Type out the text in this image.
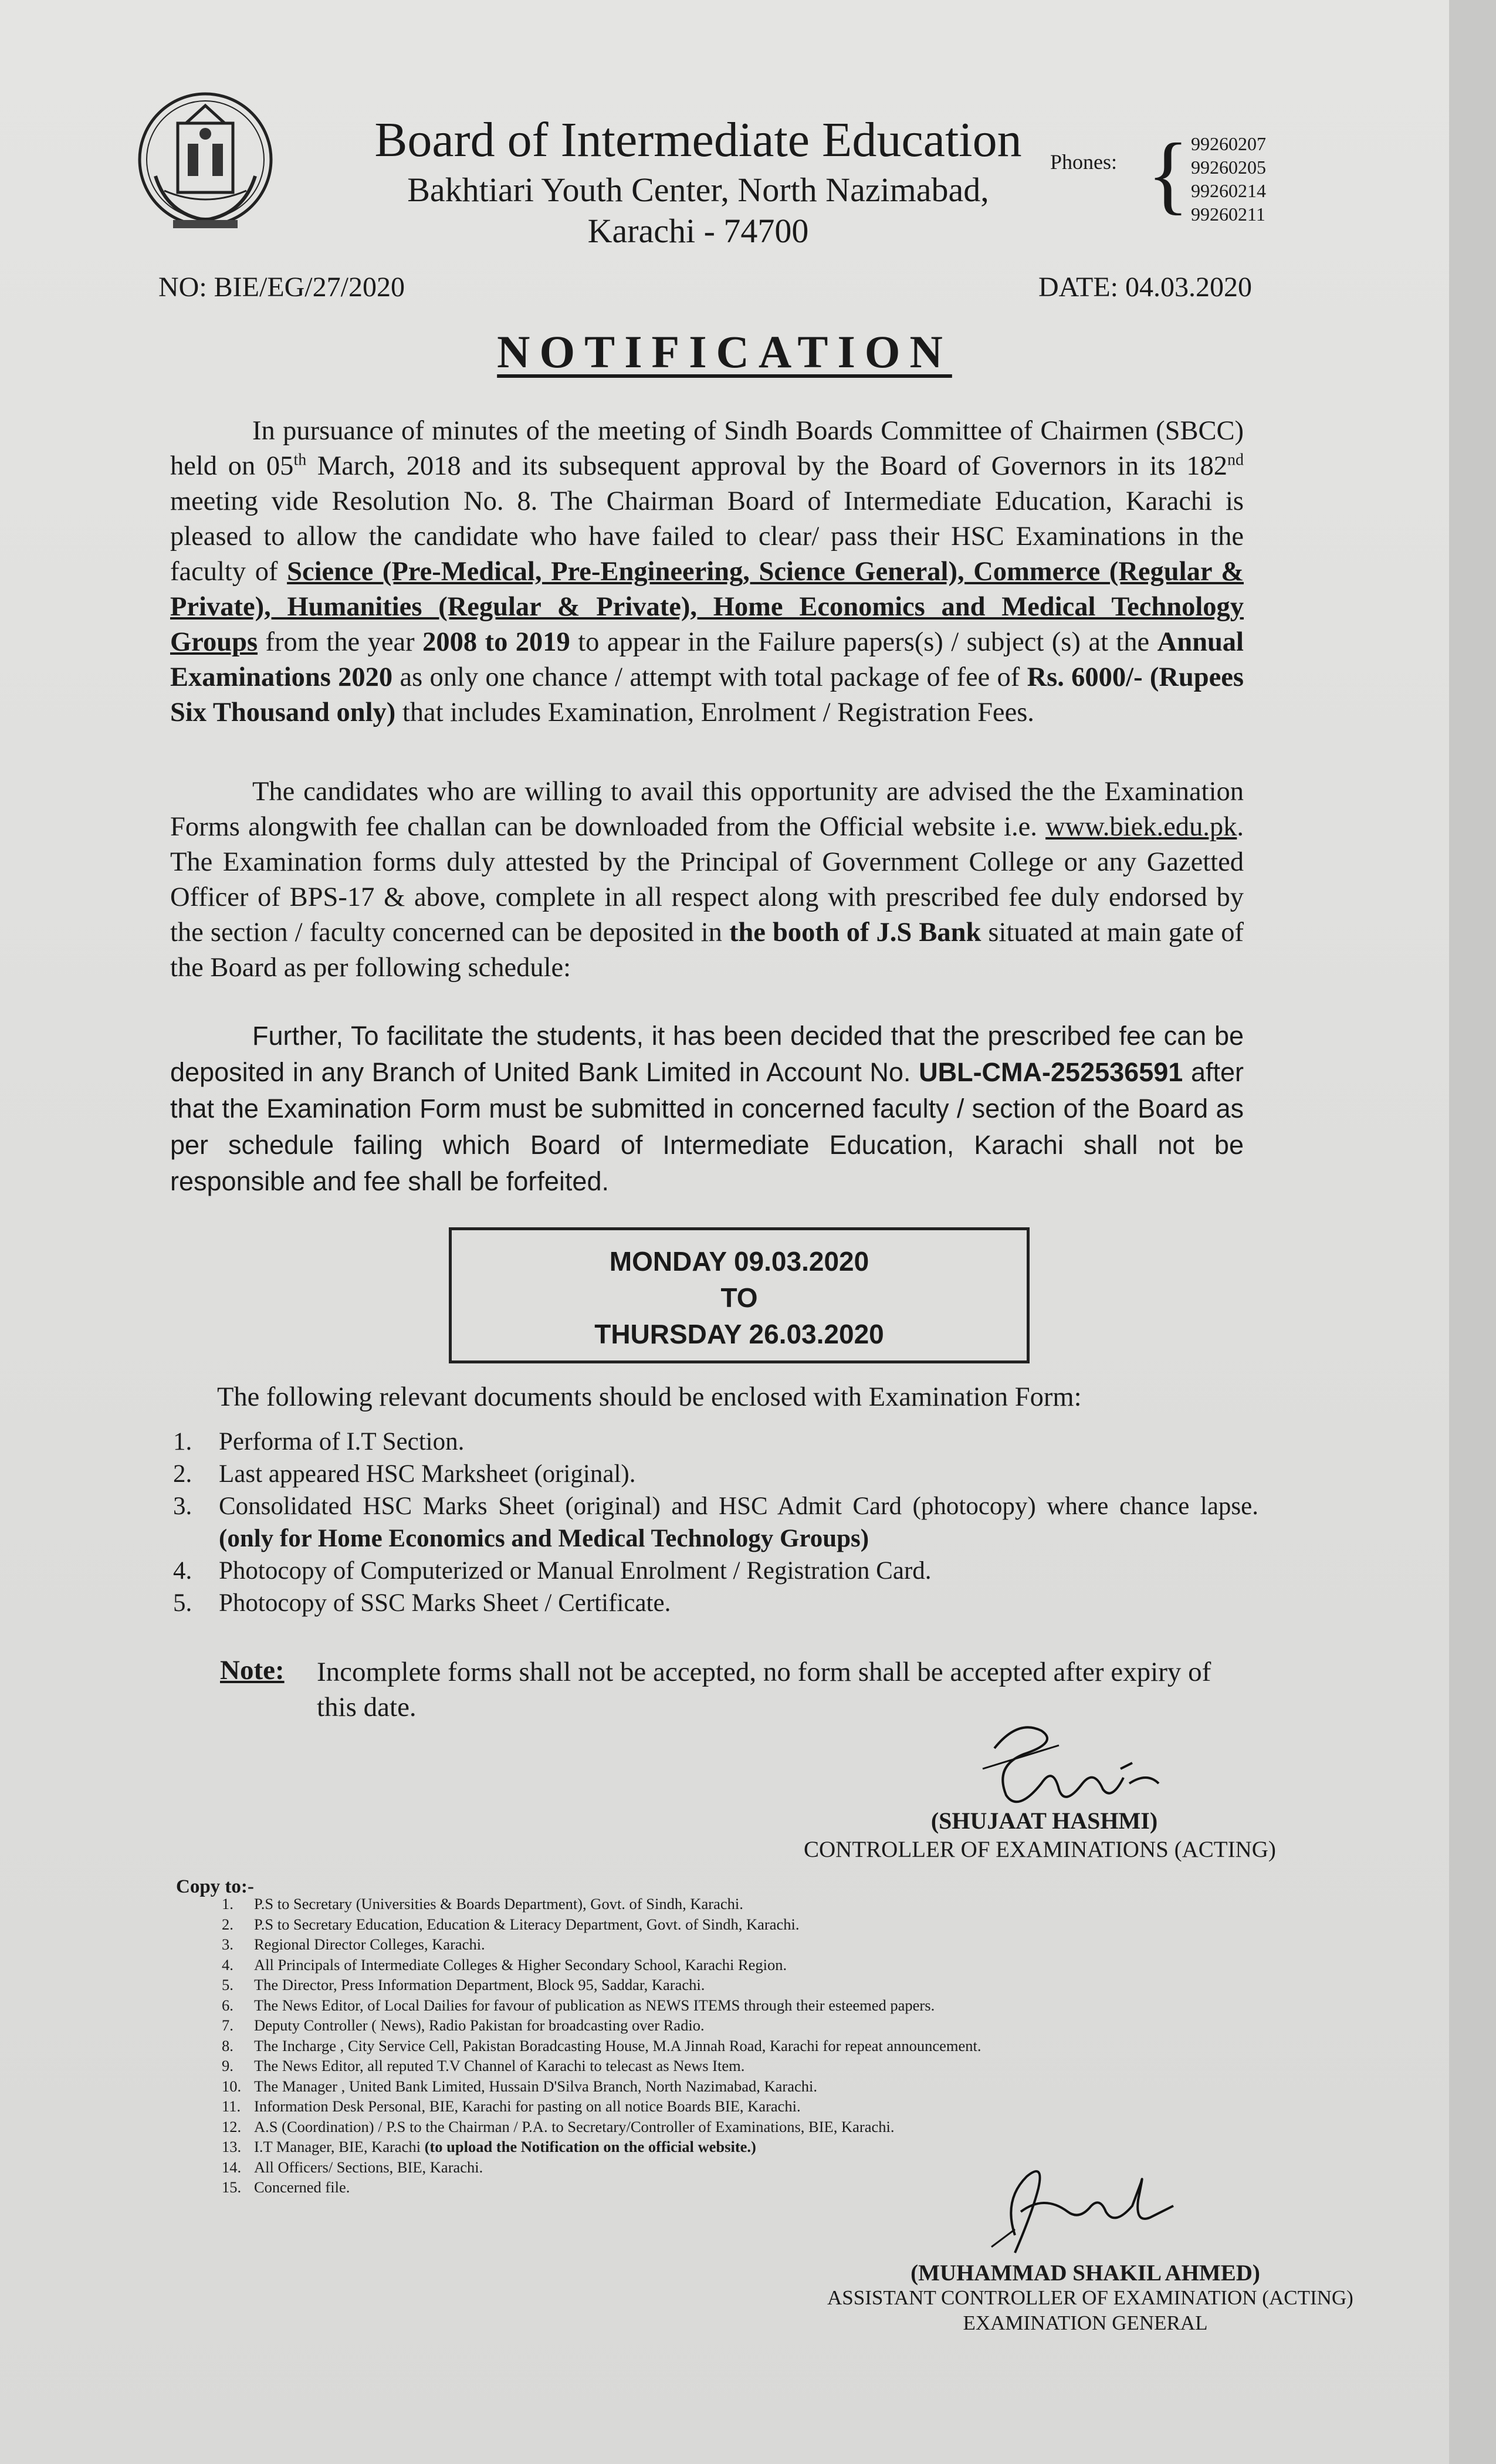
Board of Intermediate Education
Bakhtiari Youth Center, North Nazimabad,
Karachi - 74700
Phones: { 99260207
99260205
99260214
99260211
NO: BIE/EG/27/2020	DATE: 04.03.2020
NOTIFICATION
In pursuance of minutes of the meeting of Sindh Boards Committee of Chairmen (SBCC) held on 05th March, 2018 and its subsequent approval by the Board of Governors in its 182nd meeting vide Resolution No. 8. The Chairman Board of Intermediate Education, Karachi is pleased to allow the candidate who have failed to clear/ pass their HSC Examinations in the faculty of Science (Pre-Medical, Pre-Engineering, Science General), Commerce (Regular & Private), Humanities (Regular & Private), Home Economics and Medical Technology Groups from the year 2008 to 2019 to appear in the Failure papers(s) / subject (s) at the Annual Examinations 2020 as only one chance / attempt with total package of fee of Rs. 6000/- (Rupees Six Thousand only) that includes Examination, Enrolment / Registration Fees.
The candidates who are willing to avail this opportunity are advised the the Examination Forms alongwith fee challan can be downloaded from the Official website i.e. www.biek.edu.pk. The Examination forms duly attested by the Principal of Government College or any Gazetted Officer of BPS-17 & above, complete in all respect along with prescribed fee duly endorsed by the section / faculty concerned can be deposited in the booth of J.S Bank situated at main gate of the Board as per following schedule:
Further, To facilitate the students, it has been decided that the prescribed fee can be deposited in any Branch of United Bank Limited in Account No. UBL-CMA-252536591 after that the Examination Form must be submitted in concerned faculty / section of the Board as per schedule failing which Board of Intermediate Education, Karachi shall not be responsible and fee shall be forfeited.
MONDAY 09.03.2020
TO
THURSDAY 26.03.2020
The following relevant documents should be enclosed with Examination Form:
1. Performa of I.T Section.
2. Last appeared HSC Marksheet (original).
3. Consolidated HSC Marks Sheet (original) and HSC Admit Card (photocopy) where chance lapse. (only for Home Economics and Medical Technology Groups)
4. Photocopy of Computerized or Manual Enrolment / Registration Card.
5. Photocopy of SSC Marks Sheet / Certificate.
Note: Incomplete forms shall not be accepted, no form shall be accepted after expiry of this date.
(SHUJAAT HASHMI)
CONTROLLER OF EXAMINATIONS (ACTING)
Copy to:-
1. P.S to Secretary (Universities & Boards Department), Govt. of Sindh, Karachi.
2. P.S to Secretary Education, Education & Literacy Department, Govt. of Sindh, Karachi.
3. Regional Director Colleges, Karachi.
4. All Principals of Intermediate Colleges & Higher Secondary School, Karachi Region.
5. The Director, Press Information Department, Block 95, Saddar, Karachi.
6. The News Editor, of Local Dailies for favour of publication as NEWS ITEMS through their esteemed papers.
7. Deputy Controller ( News), Radio Pakistan for broadcasting over Radio.
8. The Incharge , City Service Cell, Pakistan Boradcasting House, M.A Jinnah Road, Karachi for repeat announcement.
9. The News Editor, all reputed T.V Channel of Karachi to telecast as News Item.
10. The Manager , United Bank Limited, Hussain D'Silva Branch, North Nazimabad, Karachi.
11. Information Desk Personal, BIE, Karachi for pasting on all notice Boards BIE, Karachi.
12. A.S (Coordination) / P.S to the Chairman / P.A. to Secretary/Controller of Examinations, BIE, Karachi.
13. I.T Manager, BIE, Karachi (to upload the Notification on the official website.)
14. All Officers/ Sections, BIE, Karachi.
15. Concerned file.
(MUHAMMAD SHAKIL AHMED)
ASSISTANT CONTROLLER OF EXAMINATION (ACTING)
EXAMINATION GENERAL
